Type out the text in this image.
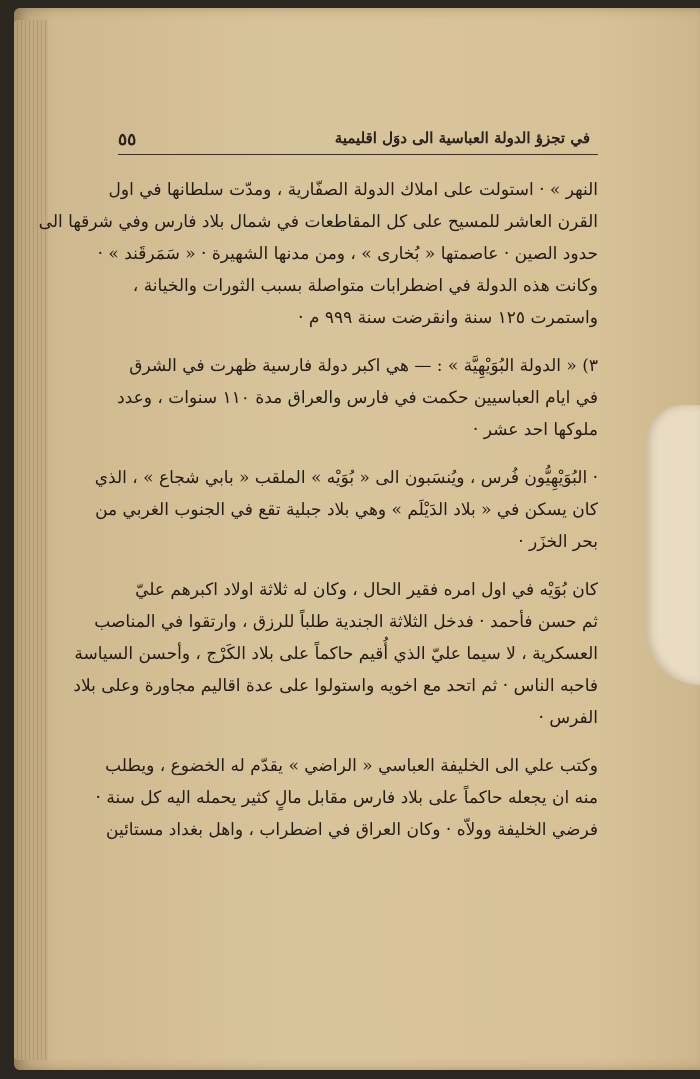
٥٥	في تجزؤ الدولة العباسية الى دوَل اقليمية
النهر » · استولت على املاك الدولة الصفّارية ، ومدّت سلطانها في اول
القرن العاشر للمسيح على كل المقاطعات في شمال بلاد فارس وفي شرقها الى
حدود الصين · عاصمتها « بُخارى » ، ومن مدنها الشهيرة · « سَمَرقَند » ·
وكانت هذه الدولة في اضطرابات متواصلة بسبب الثورات والخيانة ،
واستمرت ١٢٥ سنة وانقرضت سنة ٩٩٩ م ·
٣) « الدولة البُوَيْهِيَّة » : — هي اكبر دولة فارسية ظهرت في الشرق
في ايام العباسيين حكمت في فارس والعراق مدة ١١٠ سنوات ، وعدد
ملوكها احد عشر ·
· البُوَيْهِيُّون فُرس ، ويُنسَبون الى « بُوَيْه » الملقب « بابي شجاع » ، الذي
كان يسكن في « بلاد الدَيْلَم » وهي بلاد جبلية تقع في الجنوب الغربي من
بحر الخزَر ·
كان بُوَيْه في اول امره فقير الحال ، وكان له ثلاثة اولاد اكبرهم عليّ
ثم حسن فأحمد · فدخل الثلاثة الجندية طلباً للرزق ، وارتقوا في المناصب
العسكرية ، لا سيما عليّ الذي أُقيم حاكماً على بلاد الكَرْج ، وأحسن السياسة
فاحبه الناس · ثم اتحد مع اخويه واستولوا على عدة اقاليم مجاورة وعلى بلاد
الفرس ·
وكتب علي الى الخليفة العباسي « الراضي » يقدّم له الخضوع ، ويطلب
منه ان يجعله حاكماً على بلاد فارس مقابل مالٍ كثير يحمله اليه كل سنة ·
فرضي الخليفة وولاّه · وكان العراق في اضطراب ، واهل بغداد مستائين
